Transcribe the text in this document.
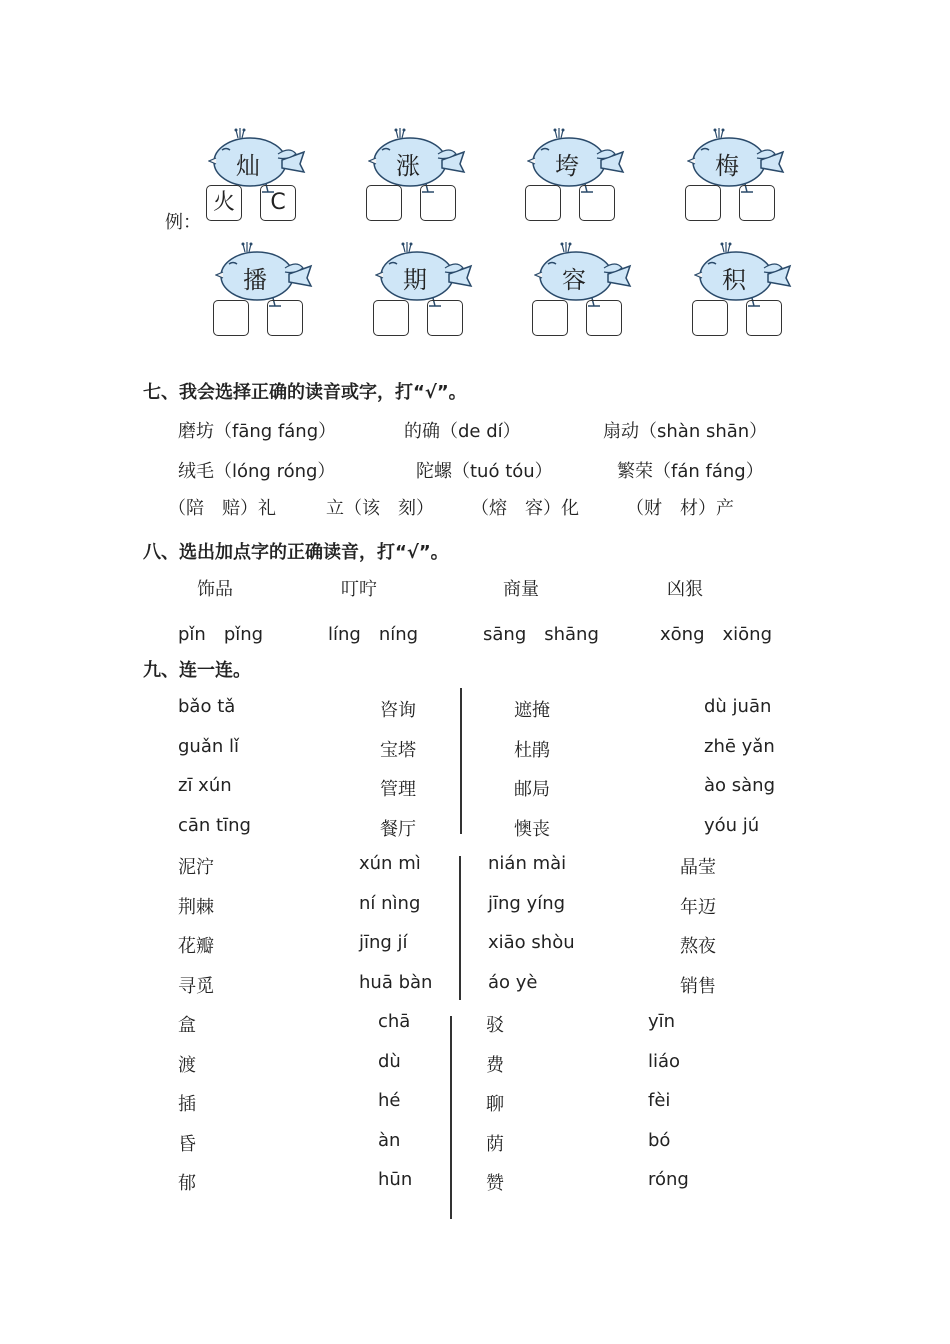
例：
灿
火	C
涨	垮	梅
播	期	容	积
七、我会选择正确的读音或字，打“√”。
磨坊（fāng fáng）	的确（de dí）	扇动（shàn shān）
绒毛（lóng róng）	陀螺（tuó tóu）	繁荣（fán fáng）
（陪　赔）礼	立（该　刻） （熔　容）化	（财　材）产
八、选出加点字的正确读音，打“√”。
饰品	叮咛	商量	凶狠
pǐn　pǐng	líng　níng	sāng　shāng	xōng　xiōng
九、连一连。
bǎo tǎ
guǎn lǐ
zī xún
cān tīng
咨询
宝塔
管理
餐厅
遮掩
杜鹃
邮局
懊丧
dù juān
zhē yǎn
ào sàng
yóu jú
泥泞
荆棘
花瓣
寻觅
xún mì
ní nìng
jīng jí
huā bàn
nián mài
jīng yíng
xiāo shòu
áo yè
晶莹
年迈
熬夜
销售
盒
渡
插
昏
郁
chā
dù
hé
àn
hūn
驳
费
聊
荫
赞
yīn
liáo
fèi
bó
róng
